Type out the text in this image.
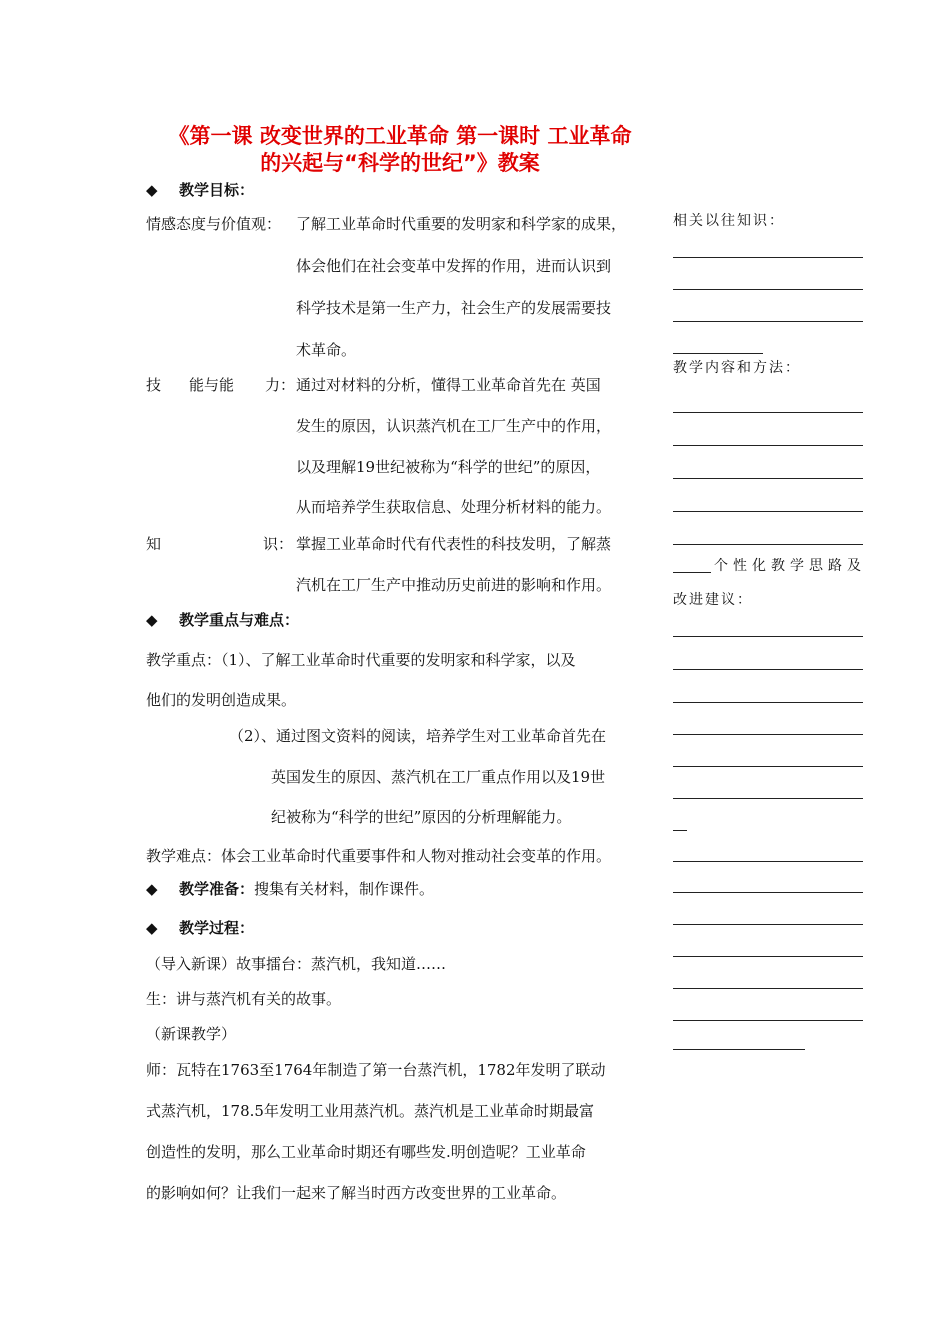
《第一课 改变世界的工业革命 第一课时 工业革命
的兴起与“科学的世纪”》教案
◆ 教学目标：
情感态度与价值观： 了解工业革命时代重要的发明家和科学家的成果，
体会他们在社会变革中发挥的作用，进而认识到
科学技术是第一生产力，社会生产的发展需要技
术革命。
技 能与能 力： 通过对材料的分析，懂得工业革命首先在 英国
发生的原因，认识蒸汽机在工厂生产中的作用，
以及理解19世纪被称为“科学的世纪”的原因，
从而培养学生获取信息、处理分析材料的能力。
知	识： 掌握工业革命时代有代表性的科技发明，了解蒸
汽机在工厂生产中推动历史前进的影响和作用。
◆ 教学重点与难点：
教学重点：（1）、了解工业革命时代重要的发明家和科学家，以及
他们的发明创造成果。
（2）、通过图文资料的阅读，培养学生对工业革命首先在
英国发生的原因、蒸汽机在工厂重点作用以及19世
纪被称为“科学的世纪”原因的分析理解能力。
教学难点：体会工业革命时代重要事件和人物对推动社会变革的作用。
◆ 教学准备：搜集有关材料，制作课件。
◆ 教学过程：
（导入新课）故事擂台：蒸汽机，我知道……
生：讲与蒸汽机有关的故事。
（新课教学）
师：瓦特在1763至1764年制造了第一台蒸汽机，1782年发明了联动
式蒸汽机，178.5年发明工业用蒸汽机。蒸汽机是工业革命时期最富
创造性的发明，那么工业革命时期还有哪些发.明创造呢？工业革命
的影响如何？让我们一起来了解当时西方改变世界的工业革命。
相关以往知识：
教学内容和方法：
个性化教学思路及
改进建议：
